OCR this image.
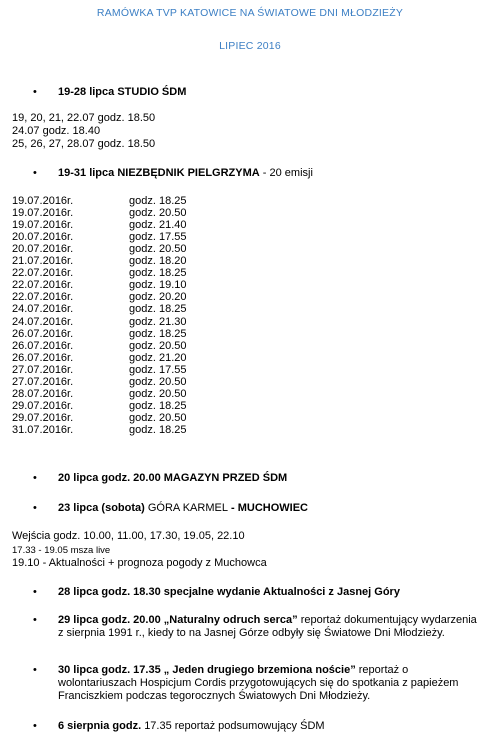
RAMÓWKA TVP KATOWICE NA ŚWIATOWE DNI MŁODZIEŻY
LIPIEC 2016
• 19-28 lipca STUDIO ŚDM
19, 20, 21, 22.07 godz. 18.50
24.07 godz. 18.40
25, 26, 27, 28.07 godz. 18.50
• 19-31 lipca NIEZBĘDNIK PIELGRZYMA - 20 emisji
19.07.2016r.	godz. 18.25
19.07.2016r.	godz. 20.50
19.07.2016r.	godz. 21.40
20.07.2016r.	godz. 17.55
20.07.2016r.	godz. 20.50
21.07.2016r.	godz. 18.20
22.07.2016r.	godz. 18.25
22.07.2016r.	godz. 19.10
22.07.2016r.	godz. 20.20
24.07.2016r.	godz. 18.25
24.07.2016r.	godz. 21.30
26.07.2016r.	godz. 18.25
26.07.2016r.	godz. 20.50
26.07.2016r.	godz. 21.20
27.07.2016r.	godz. 17.55
27.07.2016r.	godz. 20.50
28.07.2016r.	godz. 20.50
29.07.2016r.	godz. 18.25
29.07.2016r.	godz. 20.50
31.07.2016r.	godz. 18.25
• 20 lipca godz. 20.00 MAGAZYN PRZED ŚDM
• 23 lipca (sobota) GÓRA KARMEL - MUCHOWIEC
Wejścia godz. 10.00, 11.00, 17.30, 19.05, 22.10
17.33 - 19.05 msza live
19.10 - Aktualności + prognoza pogody z Muchowca
• 28 lipca godz. 18.30 specjalne wydanie Aktualności z Jasnej Góry
• 29 lipca godz. 20.00 „Naturalny odruch serca” reportaż dokumentujący wydarzenia z sierpnia 1991 r., kiedy to na Jasnej Górze odbyły się Światowe Dni Młodzieży.
• 30 lipca godz. 17.35 „ Jeden drugiego brzemiona noście” reportaż o wolontariuszach Hospicjum Cordis przygotowujących się do spotkania z papieżem Franciszkiem podczas tegorocznych Światowych Dni Młodzieży.
• 6 sierpnia godz. 17.35 reportaż podsumowujący ŚDM
